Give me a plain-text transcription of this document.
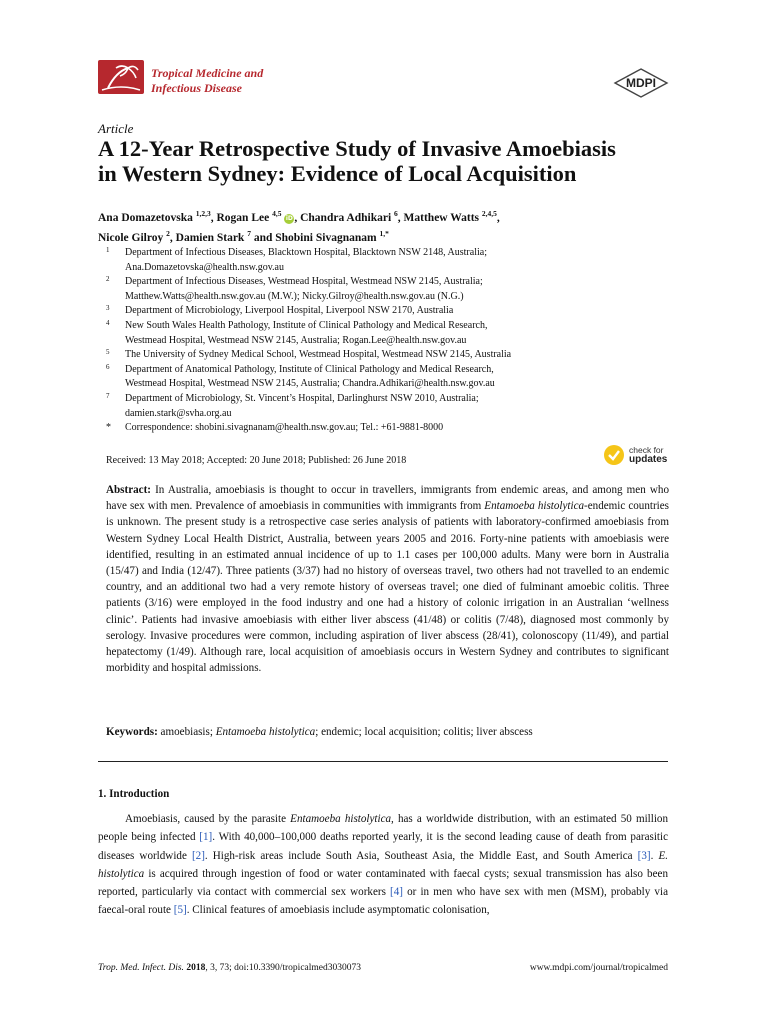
Tropical Medicine and
Infectious Disease	MDPI
Article
A 12-Year Retrospective Study of Invasive Amoebiasis
in Western Sydney: Evidence of Local Acquisition
Ana Domazetovska $^{1,2,3}$, Rogan Lee $^{4,5}$ iD, Chandra Adhikari $^6$, Matthew Watts $^{2,4,5}$,
Nicole Gilroy $^2$, Damien Stark $^7$ and Shobini Sivagnanam $^{1,*}$
1 Department of Infectious Diseases, Blacktown Hospital, Blacktown NSW 2148, Australia;
Ana.Domazetovska@health.nsw.gov.au
2 Department of Infectious Diseases, Westmead Hospital, Westmead NSW 2145, Australia;
Matthew.Watts@health.nsw.gov.au (M.W.); Nicky.Gilroy@health.nsw.gov.au (N.G.)
3 Department of Microbiology, Liverpool Hospital, Liverpool NSW 2170, Australia
4 New South Wales Health Pathology, Institute of Clinical Pathology and Medical Research,
Westmead Hospital, Westmead NSW 2145, Australia; Rogan.Lee@health.nsw.gov.au
5 The University of Sydney Medical School, Westmead Hospital, Westmead NSW 2145, Australia
6 Department of Anatomical Pathology, Institute of Clinical Pathology and Medical Research,
Westmead Hospital, Westmead NSW 2145, Australia; Chandra.Adhikari@health.nsw.gov.au
7 Department of Microbiology, St. Vincent’s Hospital, Darlinghurst NSW 2010, Australia;
damien.stark@svha.org.au
* Correspondence: shobini.sivagnanam@health.nsw.gov.au; Tel.: +61-9881-8000
check for
updates
Received: 13 May 2018; Accepted: 20 June 2018; Published: 26 June 2018

Abstract: In Australia, amoebiasis is thought to occur in travellers, immigrants from endemic areas, and among men who have sex with men. Prevalence of amoebiasis in communities with immigrants from Entamoeba histolytica-endemic countries is unknown. The present study is a retrospective case series analysis of patients with laboratory-confirmed amoebiasis from Western Sydney Local Health District, Australia, between years 2005 and 2016. Forty-nine patients with amoebiasis were identified, resulting in an estimated annual incidence of up to 1.1 cases per 100,000 adults. Many were born in Australia (15/47) and India (12/47). Three patients (3/37) had no history of overseas travel, two others had not travelled to an endemic country, and an additional two had a very remote history of overseas travel; one died of fulminant amoebic colitis. Three patients (3/16) were employed in the food industry and one had a history of colonic irrigation in an Australian ‘wellness clinic’. Patients had invasive amoebiasis with either liver abscess (41/48) or colitis (7/48), diagnosed most commonly by serology. Invasive procedures were common, including aspiration of liver abscess (28/41), colonoscopy (11/49), and partial hepatectomy (1/49). Although rare, local acquisition of amoebiasis occurs in Western Sydney and contributes to significant morbidity and hospital admissions.

Keywords: amoebiasis; Entamoeba histolytica; endemic; local acquisition; colitis; liver abscess
1. Introduction

Amoebiasis, caused by the parasite Entamoeba histolytica, has a worldwide distribution, with an estimated 50 million people being infected [1]. With 40,000–100,000 deaths reported yearly, it is the second leading cause of death from parasitic diseases worldwide [2]. High-risk areas include South Asia, Southeast Asia, the Middle East, and South America [3]. E. histolytica is acquired through ingestion of food or water contaminated with faecal cysts; sexual transmission has also been reported, particularly via contact with commercial sex workers [4] or in men who have sex with men (MSM), probably via faecal-oral route [5]. Clinical features of amoebiasis include asymptomatic colonisation,

Trop. Med. Infect. Dis. 2018, 3, 73; doi:10.3390/tropicalmed3030073	www.mdpi.com/journal/tropicalmed
